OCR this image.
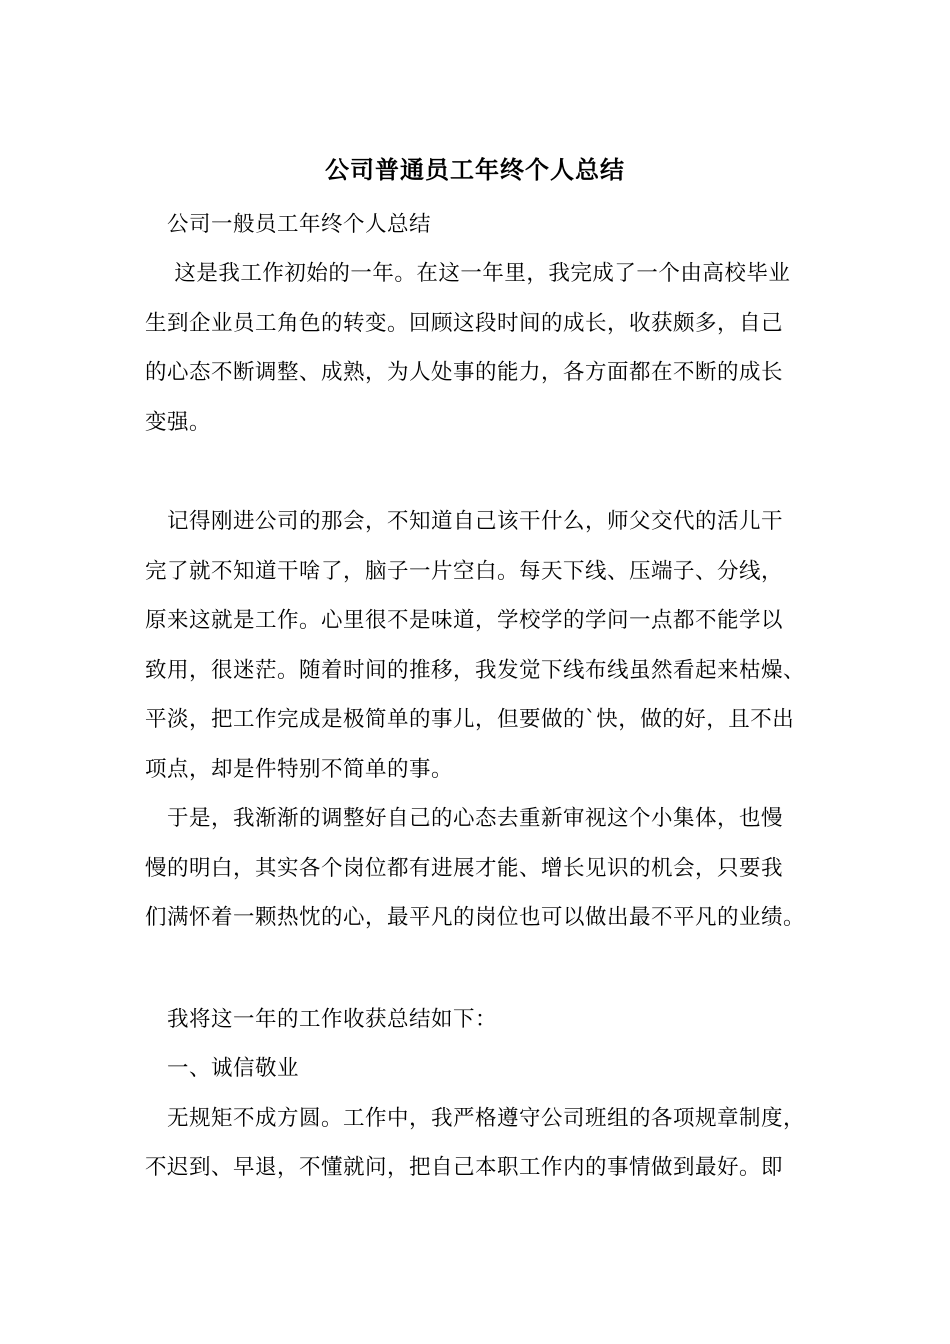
公司普通员工年终个人总结
　公司一般员工年终个人总结
　 这是我工作初始的一年。在这一年里，我完成了一个由高校毕业
生到企业员工角色的转变。回顾这段时间的成长，收获颇多，自己
的心态不断调整、成熟，为人处事的能力，各方面都在不断的成长
变强。
　记得刚进公司的那会，不知道自己该干什么，师父交代的活儿干
完了就不知道干啥了，脑子一片空白。每天下线、压端子、分线，
原来这就是工作。心里很不是味道，学校学的学问一点都不能学以
致用，很迷茫。随着时间的推移，我发觉下线布线虽然看起来枯燥、
平淡，把工作完成是极简单的事儿，但要做的`快，做的好，且不出
项点，却是件特别不简单的事。
　于是，我渐渐的调整好自己的心态去重新审视这个小集体，也慢
慢的明白，其实各个岗位都有进展才能、增长见识的机会，只要我
们满怀着一颗热忱的心，最平凡的岗位也可以做出最不平凡的业绩。
　我将这一年的工作收获总结如下：
　一、诚信敬业
　无规矩不成方圆。工作中，我严格遵守公司班组的各项规章制度，
不迟到、早退，不懂就问，把自己本职工作内的事情做到最好。即
